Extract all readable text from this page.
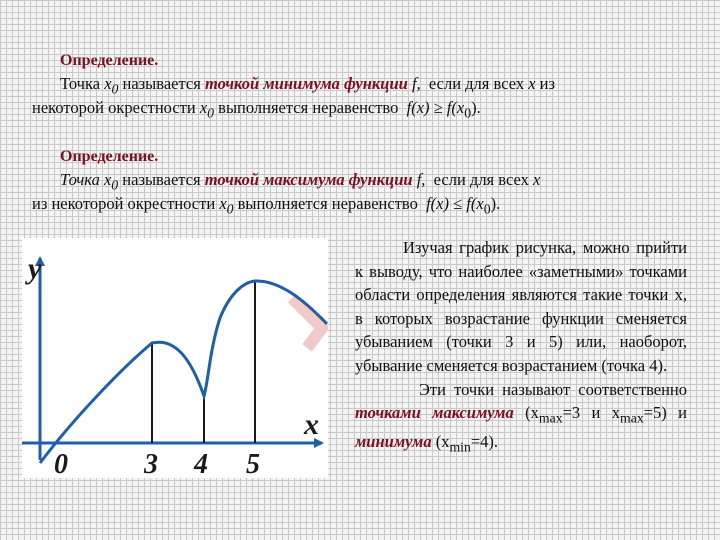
Определение.
Точка $x_0$ называется точкой минимума функции f, если для всех x из
некоторой окрестности $x_0$ выполняется неравенство $f(x) \ge f(x_0)$.
Определение.
Точка $x_0$ называется точкой максимума функции f, если для всех x
из некоторой окрестности $x_0$ выполняется неравенство $f(x) \le f(x_0)$.
y
x
0	3 4 5

Изучая график рисунка, можно прийти к выводу, что наиболее «заметными» точками области определения являются такие точки x, в которых возрастание функции сменяется убыванием (точки 3 и 5) или, наоборот, убывание сменяется возрастанием (точка 4).

Эти точки называют соответственно точками максимума ($x_{max}=3$ и $x_{max}=5$) и минимума $(x_{min}=4)$.
